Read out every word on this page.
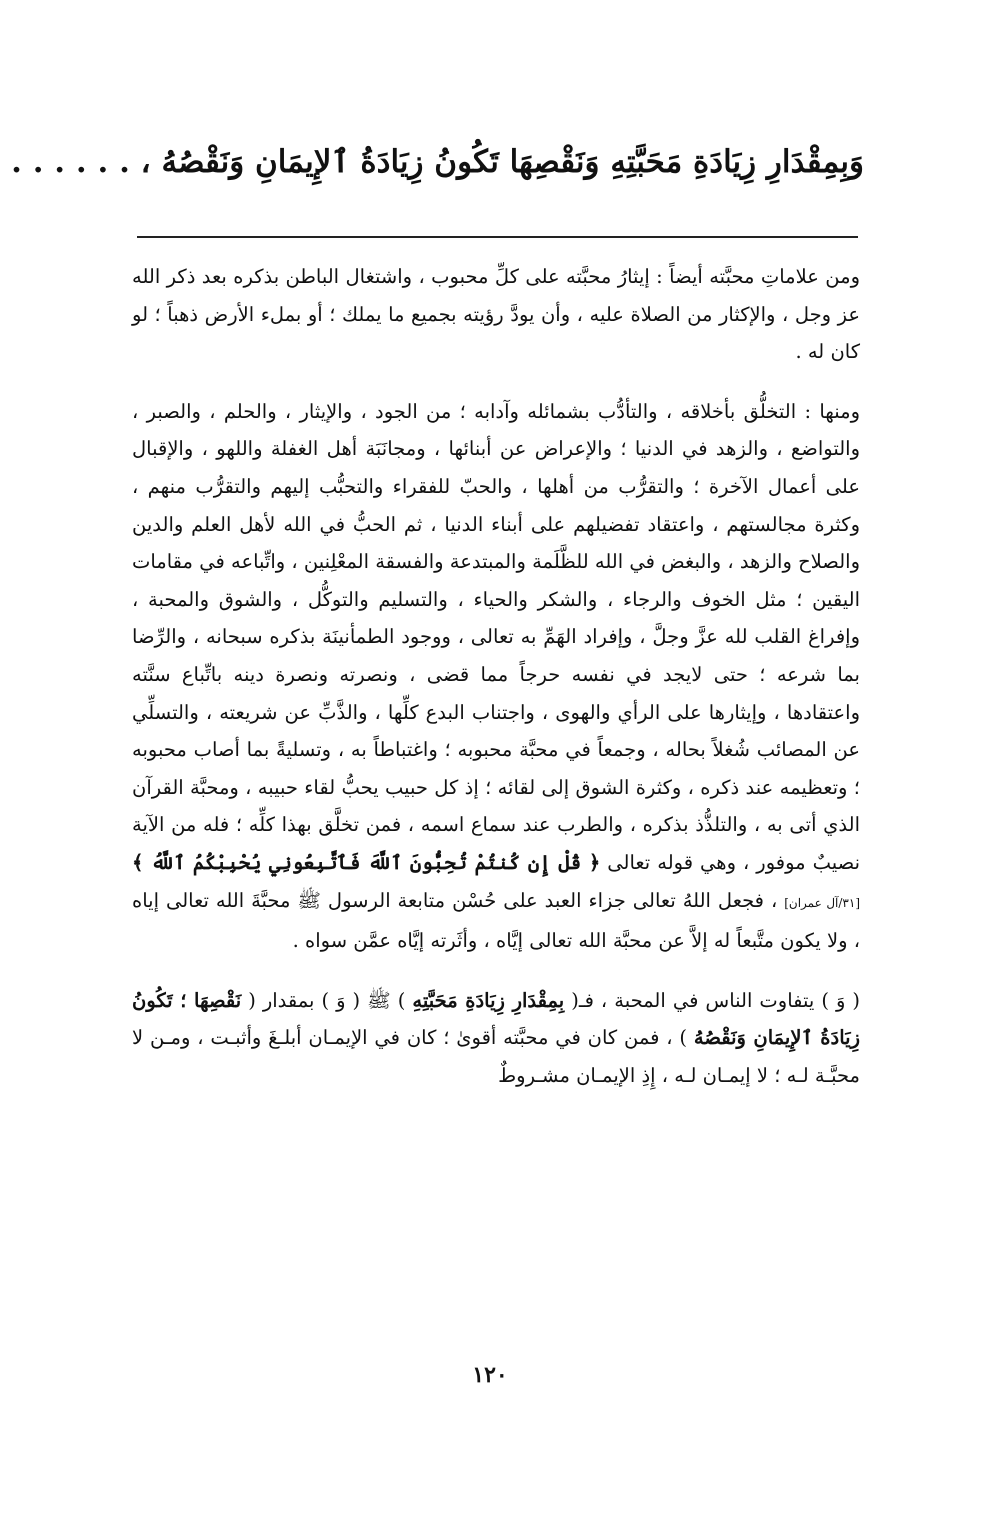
وَبِمِقْدَارِ زِيَادَةِ مَحَبَّتِهِ وَنَقْصِهَا تَكُونُ زِيَادَةُ ٱلإِيمَانِ وَنَقْصُهُ ، . . . . . .

ومن علاماتِ محبَّته أيضاً : إيثارُ محبَّته على كلِّ محبوب ، واشتغال الباطن بذكره بعد ذكر الله عز وجل ، والإكثار من الصلاة عليه ، وأن يودَّ رؤيته بجميع ما يملك ؛ أو بملء الأرض ذهباً ؛ لو كان له .

ومنها : التخلُّق بأخلاقه ، والتأدُّب بشمائله وآدابه ؛ من الجود ، والإيثار ، والحلم ، والصبر ، والتواضع ، والزهد في الدنيا ؛ والإعراض عن أبنائها ، ومجانَبَة أهل الغفلة واللهو ، والإقبال على أعمال الآخرة ؛ والتقرُّب من أهلها ، والحبّ للفقراء والتحبُّب إليهم والتقرُّب منهم ، وكثرة مجالستهم ، واعتقاد تفضيلهم على أبناء الدنيا ، ثم الحبُّ في الله لأهل العلم والدين والصلاح والزهد ، والبغض في الله للظَّلَمة والمبتدعة والفسقة المعْلِنين ، واتِّباعه في مقامات اليقين ؛ مثل الخوف والرجاء ، والشكر والحياء ، والتسليم والتوكُّل ، والشوق والمحبة ، وإفراغ القلب لله عزَّ وجلَّ ، وإفراد الهَمِّ به تعالى ، ووجود الطمأنينَة بذكره سبحانه ، والرِّضا بما شرعه ؛ حتى لايجد في نفسه حرجاً مما قضى ، ونصرته ونصرة دينه باتِّباع سنَّته واعتقادها ، وإيثارها على الرأي والهوى ، واجتناب البدع كلِّها ، والذَّبِّ عن شريعته ، والتسلِّي عن المصائب شُغلاً بحاله ، وجمعاً في محبَّة محبوبه ؛ واغتباطاً به ، وتسليةً بما أصاب محبوبه ؛ وتعظيمه عند ذكره ، وكثرة الشوق إلى لقائه ؛ إذ كل حبيب يحبُّ لقاء حبيبه ، ومحبَّة القرآن الذي أتى به ، والتلذُّذ بذكره ، والطرب عند سماع اسمه ، فمن تخلَّق بهذا كلِّه ؛ فله من الآية نصيبٌ موفور ، وهي قوله تعالى ﴿ قُلْ إِن كُنتُمْ تُحِبُّونَ ٱللَّهَ فَٱتَّبِعُونِي يُحْبِبْكُمُ ٱللَّهُ ﴾ [٣١/آل عمران] ، فجعل اللهُ تعالى جزاء العبد على حُسْن متابعة الرسول ﷺ محبَّةَ الله تعالى إياه ، ولا يكون متَّبعاً له إلاَّ عن محبَّة الله تعالى إيَّاه ، وأثَرته إيَّاه عمَّن سواه .

( وَ ) يتفاوت الناس في المحبة ، فـ( بِمِقْدَارِ زِيَادَةِ مَحَبَّتِهِ ) ﷺ ( وَ ) بمقدار ( نَقْصِهَا ؛ تَكُونُ زِيَادَةُ ٱلإِيمَانِ وَنَقْصُهُ ) ، فمن كان في محبَّته أقوىٰ ؛ كان في الإيمـان أبلـغَ وأثبـت ، ومـن لا محبَّـة لـه ؛ لا إيمـان لـه ، إِذِ الإيمـان مشـروطٌ

١٢٠
